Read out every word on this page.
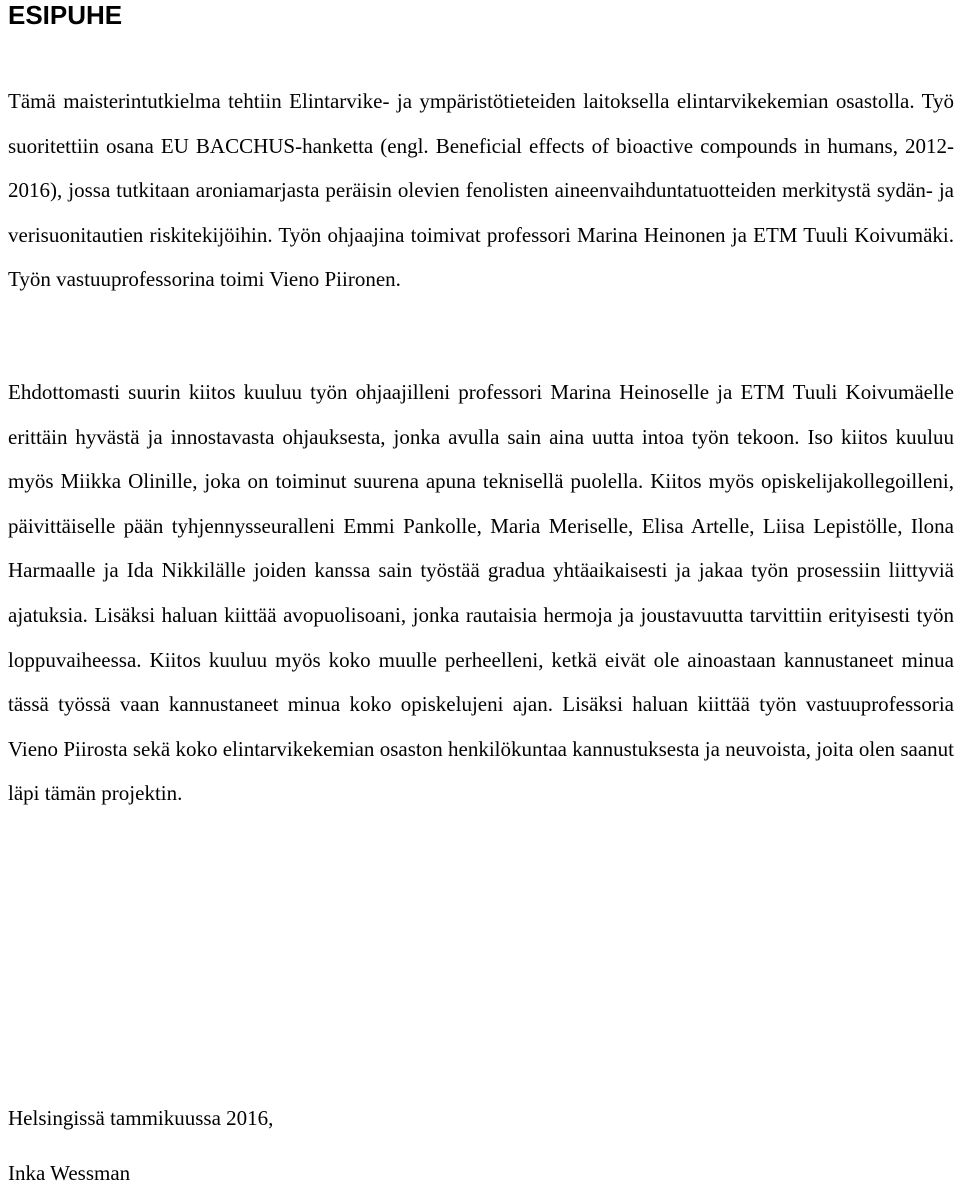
ESIPUHE

Tämä maisterintutkielma tehtiin Elintarvike- ja ympäristötieteiden laitoksella elintarvikekemian osastolla. Työ suoritettiin osana EU BACCHUS-hanketta (engl. Beneficial effects of bioactive compounds in humans, 2012-2016), jossa tutkitaan aroniamarjasta peräisin olevien fenolisten aineenvaihduntatuotteiden merkitystä sydän- ja verisuonitautien riskitekijöihin. Työn ohjaajina toimivat professori Marina Heinonen ja ETM Tuuli Koivumäki. Työn vastuuprofessorina toimi Vieno Piironen.

Ehdottomasti suurin kiitos kuuluu työn ohjaajilleni professori Marina Heinoselle ja ETM Tuuli Koivumäelle erittäin hyvästä ja innostavasta ohjauksesta, jonka avulla sain aina uutta intoa työn tekoon. Iso kiitos kuuluu myös Miikka Olinille, joka on toiminut suurena apuna teknisellä puolella. Kiitos myös opiskelijakollegoilleni, päivittäiselle pään tyhjennysseuralleni Emmi Pankolle, Maria Meriselle, Elisa Artelle, Liisa Lepistölle, Ilona Harmaalle ja Ida Nikkilälle joiden kanssa sain työstää gradua yhtäaikaisesti ja jakaa työn prosessiin liittyviä ajatuksia. Lisäksi haluan kiittää avopuolisoani, jonka rautaisia hermoja ja joustavuutta tarvittiin erityisesti työn loppuvaiheessa. Kiitos kuuluu myös koko muulle perheelleni, ketkä eivät ole ainoastaan kannustaneet minua tässä työssä vaan kannustaneet minua koko opiskelujeni ajan. Lisäksi haluan kiittää työn vastuuprofessoria Vieno Piirosta sekä koko elintarvikekemian osaston henkilökuntaa kannustuksesta ja neuvoista, joita olen saanut läpi tämän projektin.

Helsingissä tammikuussa 2016,

Inka Wessman
